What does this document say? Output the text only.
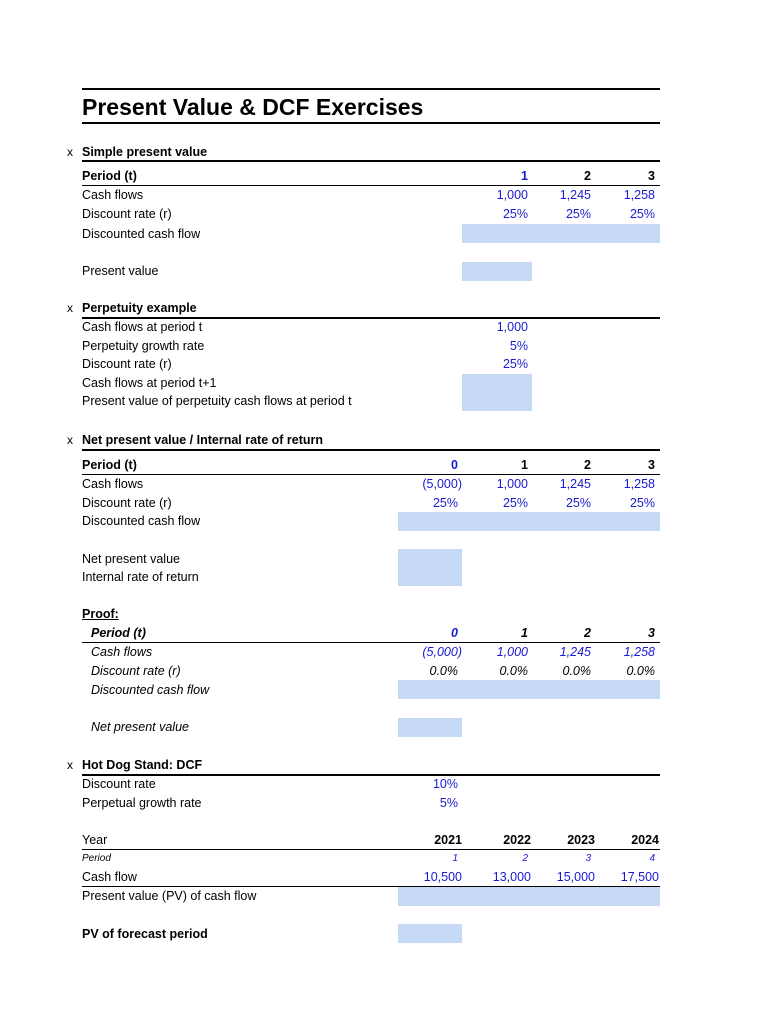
Present Value & DCF Exercises
x Simple present value
Period (t)	1	2	3
Cash flows	1,000	1,245	1,258
Discount rate (r)	25%	25%	25%
Discounted cash flow
Present value
x Perpetuity example
Cash flows at period t	1,000
Perpetuity growth rate	5%
Discount rate (r)	25%
Cash flows at period t+1
Present value of perpetuity cash flows at period t
x Net present value / Internal rate of return
Period (t)	0	1	2	3
Cash flows	(5,000)	1,000	1,245	1,258
Discount rate (r)	25%	25%	25%	25%
Discounted cash flow
Net present value
Internal rate of return
Proof:
Period (t)	0	1	2	3
Cash flows	(5,000)	1,000	1,245	1,258
Discount rate (r)	0.0%	0.0%	0.0%	0.0%
Discounted cash flow
Net present value
x Hot Dog Stand: DCF
Discount rate	10%
Perpetual growth rate	5%
Year	2021	2022	2023	2024
Period	1	2	3	4
Cash flow	10,500 13,000 15,000 17,500
Present value (PV) of cash flow
PV of forecast period
